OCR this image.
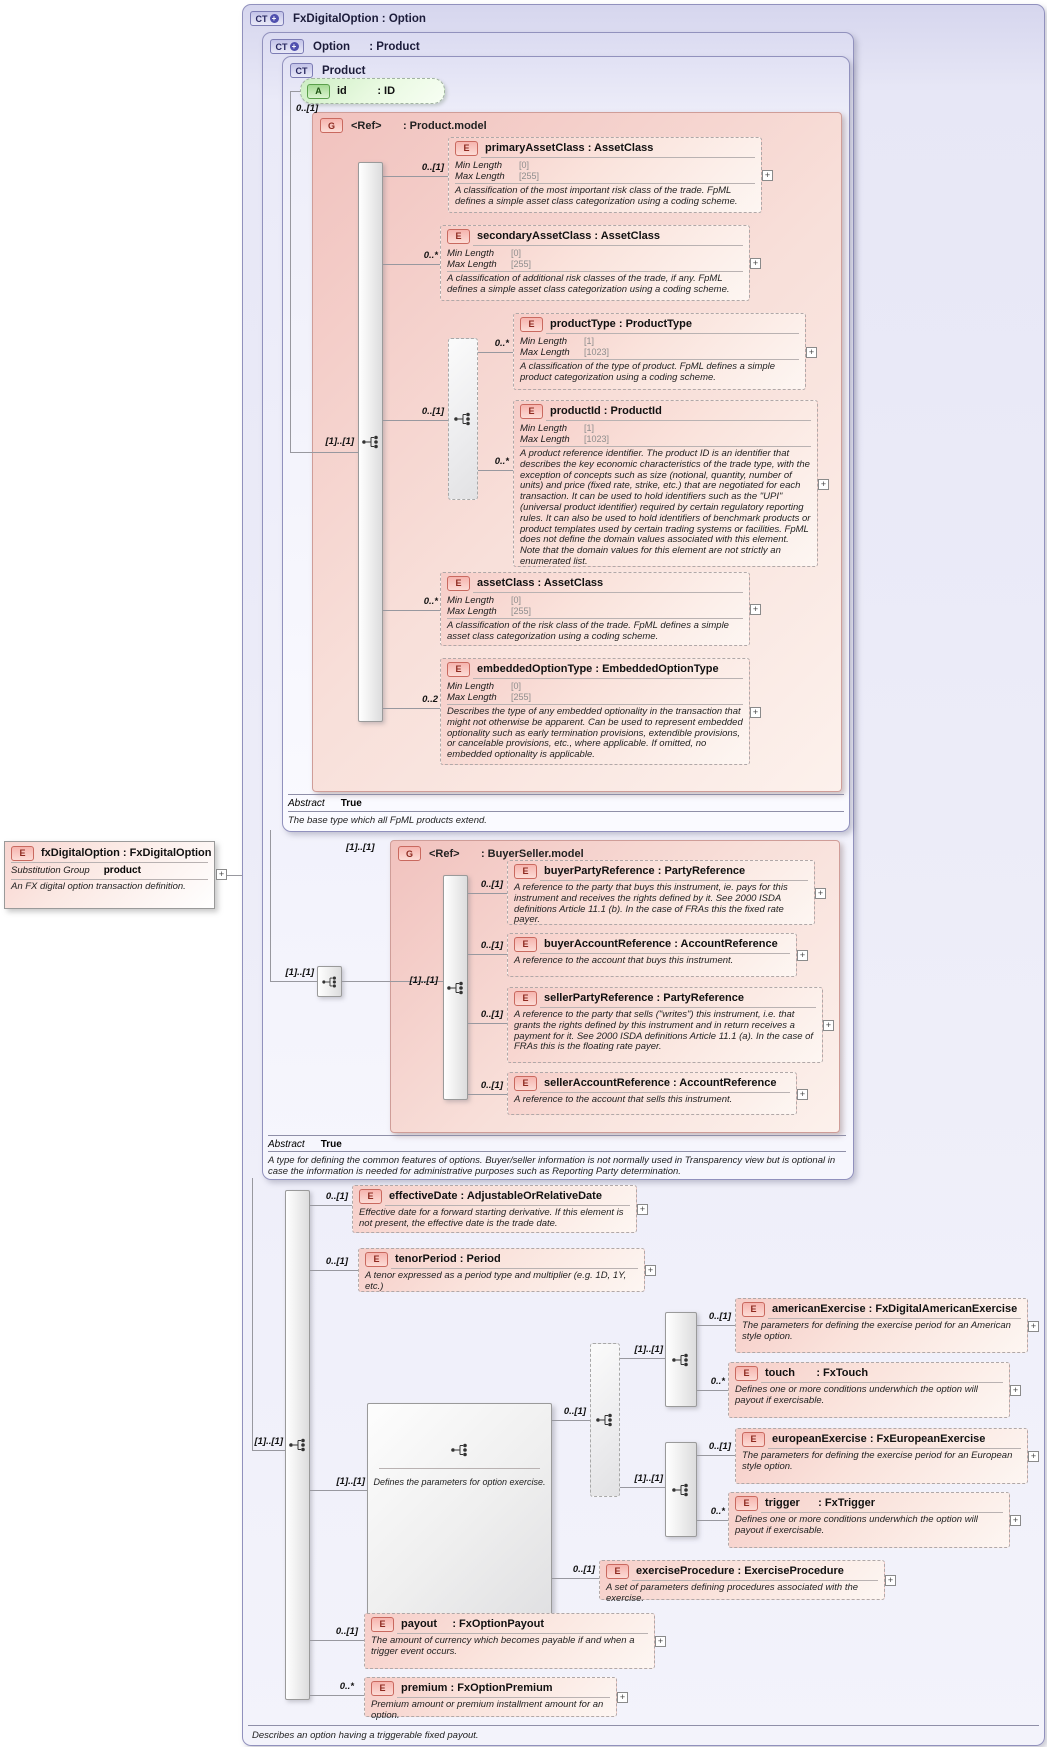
CT + FxDigitalOption : Option
CT + Option      : Product
CT Product
G	<Ref>       : Product.model
G	<Ref>       : BuyerSeller.model
Defines the parameters for option exercise.
A	id          : ID
E	primaryAssetClass : AssetClass
Min Length	[0]
Max Length	[255]
A classification of the most important risk class of the trade. FpML defines a simple asset class categorization using a coding scheme.
+
E	secondaryAssetClass : AssetClass
Min Length	[0]
Max Length	[255]
A classification of additional risk classes of the trade, if any. FpML defines a simple asset class categorization using a coding scheme.
+
E	productType : ProductType
Min Length	[1]
Max Length	[1023]
A classification of the type of product. FpML defines a simple product categorization using a coding scheme.
+
E	productId : ProductId
Min Length	[1]
Max Length	[1023]
A product reference identifier. The product ID is an identifier that describes the key economic characteristics of the trade type, with the exception of concepts such as size (notional, quantity, number of units) and price (fixed rate, strike, etc.) that are negotiated for each transaction. It can be used to hold identifiers such as the "UPI" (universal product identifier) required by certain regulatory reporting rules. It can also be used to hold identifiers of benchmark products or product templates used by certain trading systems or facilities. FpML does not define the domain values associated with this element. Note that the domain values for this element are not strictly an enumerated list.
+
E	assetClass : AssetClass
Min Length	[0]
Max Length	[255]
A classification of the risk class of the trade. FpML defines a simple asset class categorization using a coding scheme.
+
E	embeddedOptionType : EmbeddedOptionType
Min Length	[0]
Max Length	[255]
Describes the type of any embedded optionality in the transaction that might not otherwise be apparent. Can be used to represent embedded optionality such as early termination provisions, extendible provisions, or cancelable provisions, etc., where applicable. If omitted, no embedded optionality is applicable.
+
Abstract True
The base type which all FpML products extend.
E	buyerPartyReference : PartyReference
A reference to the party that buys this instrument, ie. pays for this instrument and receives the rights defined by it. See 2000 ISDA definitions Article 11.1 (b). In the case of FRAs this the fixed rate payer.
+
E	buyerAccountReference : AccountReference
A reference to the account that buys this instrument.
+
E	sellerPartyReference : PartyReference
A reference to the party that sells ("writes") this instrument, i.e. that grants the rights defined by this instrument and in return receives a payment for it. See 2000 ISDA definitions Article 11.1 (a). In the case of FRAs this is the floating rate payer.
+
E	sellerAccountReference : AccountReference
A reference to the account that sells this instrument.
+
Abstract True
A type for defining the common features of options. Buyer/seller information is not normally used in Transparency view but is optional in case the information is needed for administrative purposes such as Reporting Party determination.
E	effectiveDate : AdjustableOrRelativeDate
Effective date for a forward starting derivative. If this element is not present, the effective date is the trade date.
+
E	tenorPeriod : Period
A tenor expressed as a period type and multiplier (e.g. 1D, 1Y, etc.)
+
E	americanExercise : FxDigitalAmericanExercise
The parameters for defining the exercise period for an American style option.
+
E	touch       : FxTouch
Defines one or more conditions underwhich the option will payout if exercisable.
+
E	europeanExercise : FxEuropeanExercise
The parameters for defining the exercise period for an European style option.
+
E	trigger      : FxTrigger
Defines one or more conditions underwhich the option will payout if exercisable.
+
E	exerciseProcedure : ExerciseProcedure
A set of parameters defining procedures associated with the exercise.
+
E	payout     : FxOptionPayout
The amount of currency which becomes payable if and when a trigger event occurs.
+
E	premium : FxOptionPremium
Premium amount or premium installment amount for an option.
+
Describes an option having a triggerable fixed payout.
E	fxDigitalOption : FxDigitalOption
Substitution Group product
An FX digital option transaction definition.
+
0..[1]
[1]..[1]
0..[1]
0..*
0..[1]
0..*
0..*
0..*
0..2
[1]..[1]
[1]..[1]
[1]..[1]
0..[1]
0..[1]
0..[1]
0..[1]
[1]..[1]
0..[1]
0..[1]
[1]..[1]
0..[1]
[1]..[1]
0..[1]
0..*
[1]..[1]
0..[1]
0..*
0..[1]
0..[1]
0..*
